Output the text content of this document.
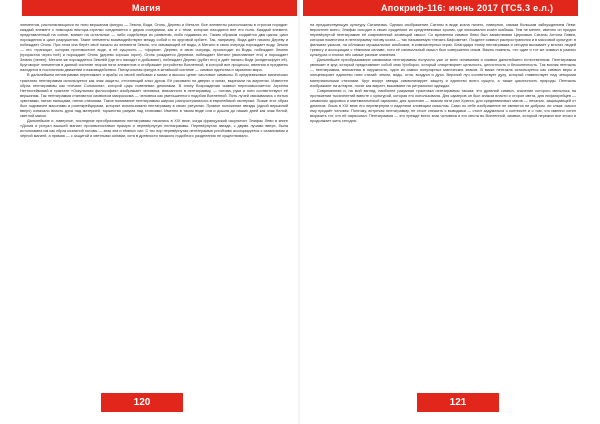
Магия

элементов, располагающихся по пяти вершинам фигуры — Земля, Вода, Огонь, Дерево и Металл. Все элементы расположены в строгом порядке: каждый элемент с помощью вектора-стрелки соединяется с двумя соседними, как и с теми, которые находятся вне его поля. Каждый элемент, представленный на схеме, влияет на остальные — либо содействуя их развитию, либо подавляя их. Таким образом создаётся два цикла: цикл порождения и цикл разрушения. Такие элементы взаимодействуют между собой и по круговой орбите. Так, например, Вода даёт начало Дереву и побеждает Огонь. При этом она берёт своё начало из элемента Земля, что омывающей её воды, а Металл в свою очередь порождает воду. Земля — это «граница», которая противостоит воде, а её сущность — «форма». Дерево, в свою очередь, происходит из Воды, побеждает Землю (прорастая через неё) и порождает Огонь (дерево хорошо горит). Огонь рождается Деревом, побеждает Металл (выплавляет его) и порождает Землю (пепел). Металл же порождается Землёй (где его находят и добывают), побеждает Дерево (рубит его) и даёт начало Воде (конденсирует её). Круговорот элементов в данной системе теории пяти элементов и отображает устройство Вселенной, в которой все процессы, явления и предметы находятся в постоянном движении и взаимодействии. Пятиугольная фигура в китайской системе — символ единства и гармонии мира.

В дальнейшем пентаграмма перенимает и арабы со своей любовью к магии и высоко ценят числовые символы. В средневековых магических трактатах пентаграмма используется как знак защиты, отгоняющий злых духов. Её рисовали на дверях и окнах, вырезали на амулетах. Известен образ пентаграммы как «печати Соломона», которой царь повелевал демонами. В эпоху Возрождения символ переосмысляется: Агриппа Неттесгеймский в трактате «Оккультная философия» изображает человека, вписанного в пентаграмму, — голова, руки и ноги соответствуют её вершинам. Так пентаграмма становится символом микрокосма — человека как уменьшенного подобия Вселенной. Пять лучей связывались с пятью чувствами, пятью пальцами, пятью стихиями. Такое понимание пентаграммы широко распространилось в европейской эзотерике. Позже этот образ был подхвачен масонами и розенкрейцерами, которые использовали пентаграмму в своих ритуалах. Прямое положение звезды (одной вершиной вверх) означало власть духа над материей, торжество разума над стихиями. Именно в таком виде она и дошла до наших дней как знак белой, светлой магии.

Дальнейшие и, наверное, последние преобразования пентаграммы начались в XIX веке, когда французский оккультист Элифас Леви в книге «Догма и ритуал высшей магии» противопоставил прямую и перевёрнутую пентаграммы. Перевёрнутая звезда, с двумя лучами вверх, была истолкована им как образ козлиной головы — знак зла и тёмных сил. С тех пор перевёрнутая пентаграмма устойчиво ассоциируется с сатанизмом и чёрной магией, а прямая — с защитой и светлыми силами, хотя в древности никакого подобного разделения не существовало.

120
Апокриф-116: июнь 2017 (ТС5.3 е.л.)

на предшествующую культуру Сатанизма. Однако изображение Сатаны в виде козла ничего, наверное, самым большим заблуждением Леви: вероятнее всего, Элифас исходил в своих суждениях из средневековых хроник, где описывался козёл шабаша. Тем не менее, именно он придал перевёрнутой пентаграмме её современный зловещий смысл. Со временем символ Леви был заимствован Церковью Сатаны Антона Лавея, которая поместила в пентаграмму голову козла — так называемую «печать Бафомета». Позднее символ распространился и в массовой культуре: в фильмах ужасов, на обложках музыкальных альбомов, в компьютерных играх. Благодаря этому пентаграмма и сегодня вызывает у многих людей тревогу и ассоциации с тёмными силами, хотя её изначальный смысл был совершенно иным. Важно помнить, что один и тот же символ в разных культурах и эпохах нёс самые разные значения.

Дальнейшее преобразование символики пентаграммы получило уже от всех понимания и символ дальнейшего естественным. Пентаграмма увлекает в круг, который представляет собой знак Уроборос, который олицетворяет цельность, целостность и бесконечность. Так возник пентакль — пентаграмма, вписанная в окружность, один из самых популярных магических знаков. В викке пентакль используется как символ веры и олицетворяет единство пяти стихий: земли, воды, огня, воздуха и духа. Верхний луч соответствует духу, который главенствует над четырьмя материальными стихиями. Круг вокруг звезды символизирует защиту и единство всего сущего, а также цикличность природы. Пентакль изображают на алтарях, носят как амулет, вышивают на ритуальных одеждах.

Современная и, на мой взгляд, наиболее разумная трактовка пентаграммы такова: это древний символ, значение которого менялось на протяжении тысячелетий вместе с культурой, которая его использовала. Для шумеров он был знаком власти и сторон света, для пифагорейцев — символом здоровья и математической гармонии, для христиан — знаком пяти ран Христа, для средневековых магов — печатью, защищающей от демонов. Лишь в XIX веке его перевернули и наделили зловещим смыслом. Само по себе изображение не является ни добрым, ни злым: смысл ему придаёт человек. Поэтому, встречая пентаграмму, не стоит спешить с выводами — стоит задуматься о контексте и о том, что именно хотел выразить тот, кто её нарисовал. Пентаграмма — это прежде всего знак человека и его места во Вселенной, символ, который пережил все эпохи и продолжает жить сегодня.

121
